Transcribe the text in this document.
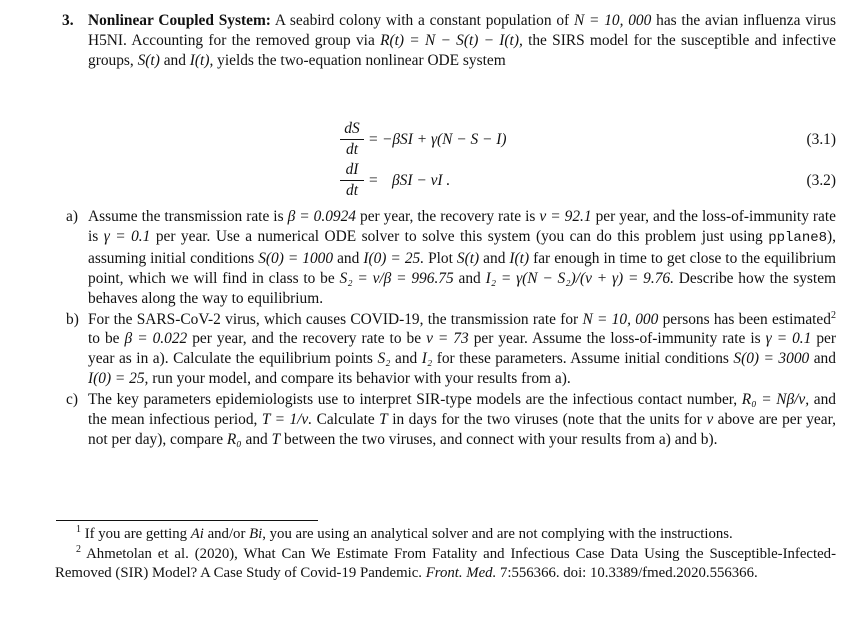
3. Nonlinear Coupled System: A seabird colony with a constant population of N = 10, 000 has the avian influenza virus H5NI. Accounting for the removed group via R(t) = N − S(t) − I(t), the SIRS model for the susceptible and infective groups, S(t) and I(t), yields the two-equation nonlinear ODE system
dS
dt
= −βSI + γ(N − S − I)	(3.1)
dI
dt
= βSI − νI .	(3.2)
a) Assume the transmission rate is β = 0.0924 per year, the recovery rate is ν = 92.1 per year, and the loss-of-immunity rate is γ = 0.1 per year. Use a numerical ODE solver to solve this system (you can do this problem just using pplane8), assuming initial conditions S(0) = 1000 and I(0) = 25. Plot S(t) and I(t) far enough in time to get close to the equilibrium point, which we will find in class to be S₂ = ν/β = 996.75 and I₂ = γ(N − S₂)/(ν + γ) = 9.76. Describe how the system behaves along the way to equilibrium.
b) For the SARS-CoV-2 virus, which causes COVID-19, the transmission rate for N = 10, 000 persons has been estimated$^2$ to be β = 0.022 per year, and the recovery rate to be ν = 73 per year. Assume the loss-of-immunity rate is γ = 0.1 per year as in a). Calculate the equilibrium points S₂ and I₂ for these parameters. Assume initial conditions S(0) = 3000 and I(0) = 25, run your model, and compare its behavior with your results from a).
c) The key parameters epidemiologists use to interpret SIR-type models are the infectious contact number, R₀ = Nβ/ν, and the mean infectious period, T = 1/ν. Calculate T in days for the two viruses (note that the units for ν above are per year, not per day), compare R₀ and T between the two viruses, and connect with your results from a) and b).
$^1$ If you are getting Ai and/or Bi, you are using an analytical solver and are not complying with the instructions.
$^2$ Ahmetolan et al. (2020), What Can We Estimate From Fatality and Infectious Case Data Using the Susceptible-Infected-Removed (SIR) Model? A Case Study of Covid-19 Pandemic. Front. Med. 7:556366. doi: 10.3389/fmed.2020.556366.
